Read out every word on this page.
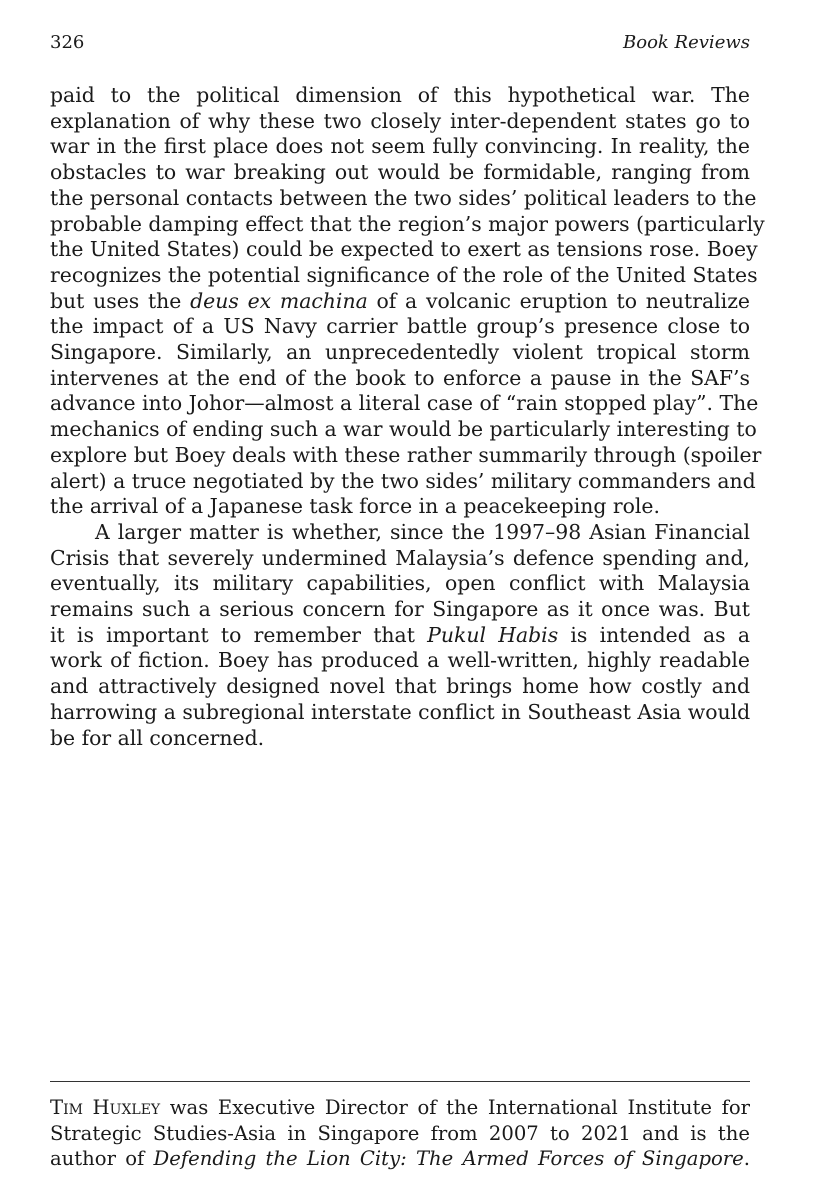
326	Book Reviews
paid to the political dimension of this hypothetical war. The
explanation of why these two closely inter-dependent states go to
war in the first place does not seem fully convincing. In reality, the
obstacles to war breaking out would be formidable, ranging from
the personal contacts between the two sides’ political leaders to the
probable damping effect that the region’s major powers (particularly
the United States) could be expected to exert as tensions rose. Boey
recognizes the potential significance of the role of the United States
but uses the deus ex machina of a volcanic eruption to neutralize
the impact of a US Navy carrier battle group’s presence close to
Singapore. Similarly, an unprecedentedly violent tropical storm
intervenes at the end of the book to enforce a pause in the SAF’s
advance into Johor—almost a literal case of “rain stopped play”. The
mechanics of ending such a war would be particularly interesting to
explore but Boey deals with these rather summarily through (spoiler
alert) a truce negotiated by the two sides’ military commanders and
the arrival of a Japanese task force in a peacekeeping role.
A larger matter is whether, since the 1997–98 Asian Financial
Crisis that severely undermined Malaysia’s defence spending and,
eventually, its military capabilities, open conflict with Malaysia
remains such a serious concern for Singapore as it once was. But
it is important to remember that Pukul Habis is intended as a
work of fiction. Boey has produced a well-written, highly readable
and attractively designed novel that brings home how costly and
harrowing a subregional interstate conflict in Southeast Asia would
be for all concerned.
Tim Huxley was Executive Director of the International Institute for
Strategic Studies-Asia in Singapore from 2007 to 2021 and is the
author of Defending the Lion City: The Armed Forces of Singapore.
